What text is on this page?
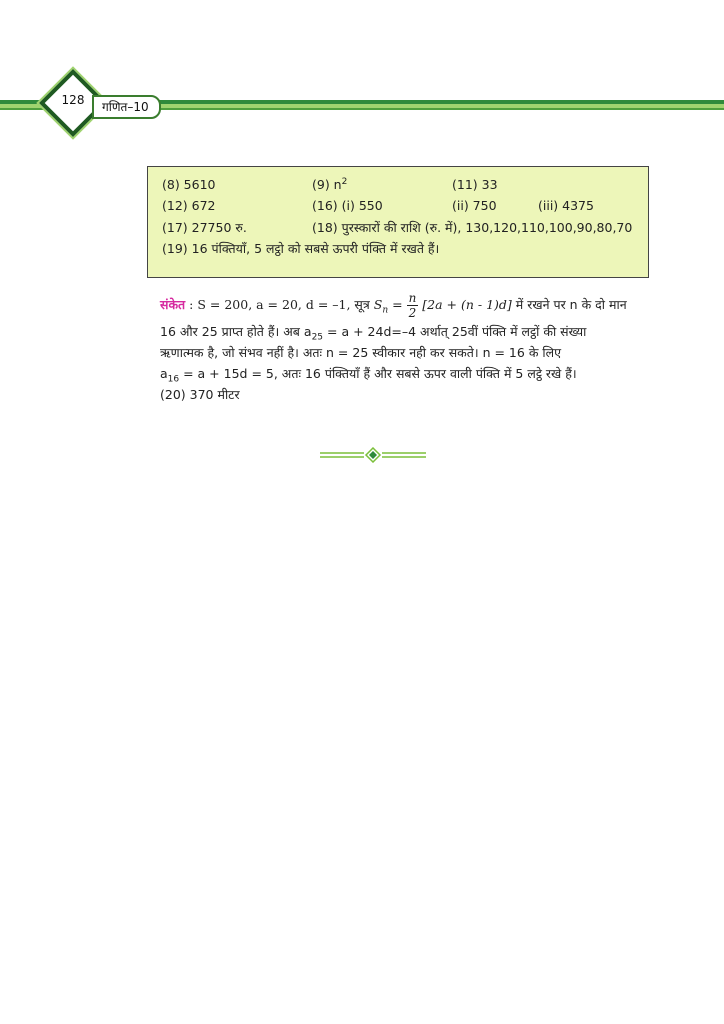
128	गणित–10
(8) 5610	(9) $n^2$	(11) 33
(12) 672	(16) (i) 550	(ii) 750	(iii) 4375
(17) 27750 रु.	(18) पुरस्कारों की राशि (रु. में), 130,120,110,100,90,80,70
(19) 16 पंक्तियाँ, 5 लट्ठो को सबसे ऊपरी पंक्ति में रखते हैं।
संकेत : S = 200, a = 20, d = –1, सूत्र $S_n = \frac{n}{2} [2a + (n - 1)d]$ में रखने पर n के दो मान
16 और 25 प्राप्त होते हैं। अब $a_{25} = a + 24d=-4$ अर्थात् 25वीं पंक्ति में लट्ठों की संख्या
ऋणात्मक है, जो संभव नहीं है। अतः n = 25 स्वीकार नही कर सकते। n = 16 के लिए
$a_{16} = a + 15d = 5$, अतः 16 पंक्तियाँ हैं और सबसे ऊपर वाली पंक्ति में 5 लट्ठे रखे हैं।
(20) 370 मीटर
